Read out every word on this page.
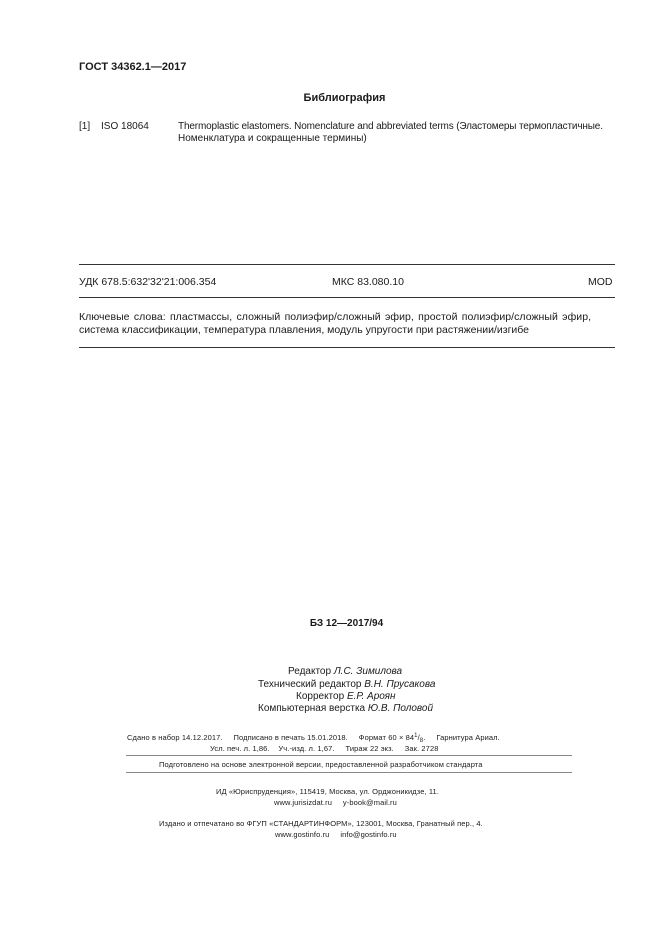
ГОСТ 34362.1—2017
Библиография
[1] ISO 18064	Thermoplastic elastomers. Nomenclature and abbreviated terms (Эластомеры термопластичные.
Номенклатура и сокращенные термины)
УДК 678.5:632'32'21:006.354	МКС 83.080.10	MOD
Ключевые слова: пластмассы, сложный полиэфир/сложный эфир, простой полиэфир/сложный эфир,
система классификации, температура плавления, модуль упругости при растяжении/изгибе
БЗ 12—2017/94
Редактор Л.С. Зимилова
Технический редактор В.Н. Прусакова
Корректор Е.Р. Ароян
Компьютерная верстка Ю.В. Половой
Сдано в набор 14.12.2017. Подписано в печать 15.01.2018. Формат $60 \times 84^1/_8$. Гарнитура Ариал.
Усл. печ. л. 1,86. Уч.-изд. л. 1,67. Тираж 22 экз. Зак. 2728
Подготовлено на основе электронной версии, предоставленной разработчиком стандарта
ИД «Юриспруденция», 115419, Москва, ул. Орджоникидзе, 11.
www.jurisizdat.ru y-book@mail.ru
Издано и отпечатано во ФГУП «СТАНДАРТИНФОРМ», 123001, Москва, Гранатный пер., 4.
www.gostinfo.ru info@gostinfo.ru
